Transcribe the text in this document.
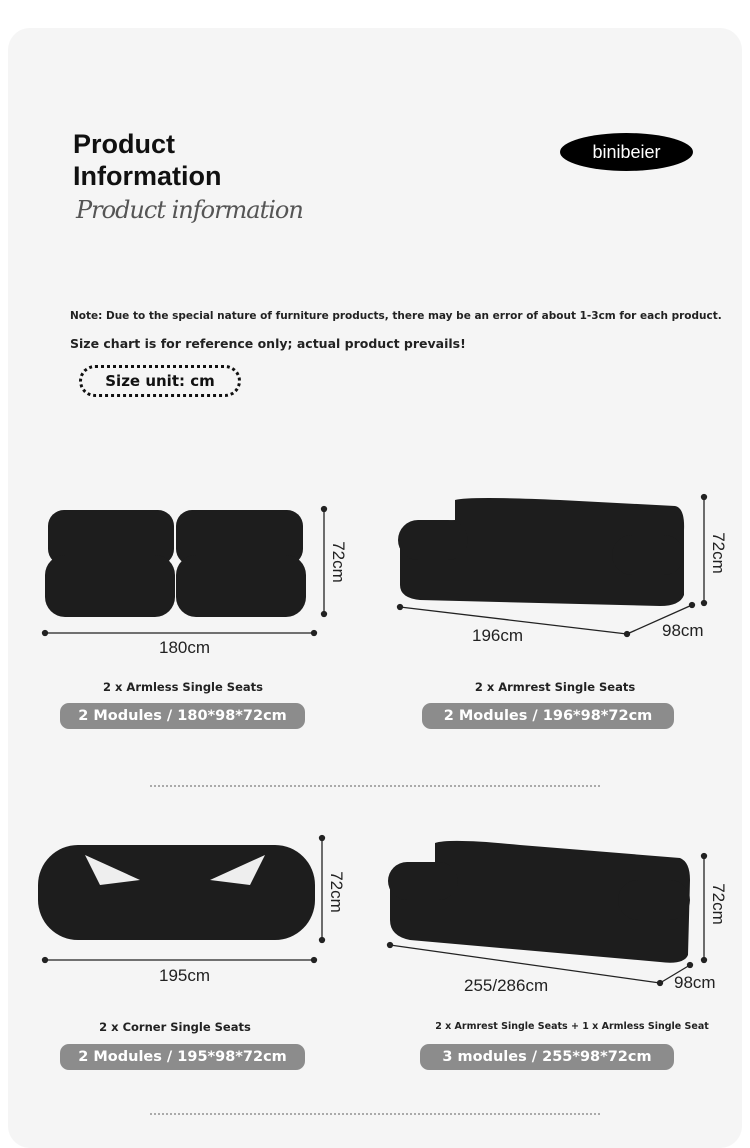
Product
Information
Product information
binibeier
Note: Due to the special nature of furniture products, there may be an error of about 1-3cm for each product.
Size chart is for reference only; actual product prevails!
Size unit: cm
180cm
72cm
2 x Armless Single Seats
2 Modules / 180*98*72cm
196cm	98cm
72cm
2 x Armrest Single Seats
2 Modules / 196*98*72cm
195cm
72cm
2 x Corner Single Seats
2 Modules / 195*98*72cm
255/286cm	98cm
72cm
2 x Armrest Single Seats + 1 x Armless Single Seat
3 modules / 255*98*72cm
